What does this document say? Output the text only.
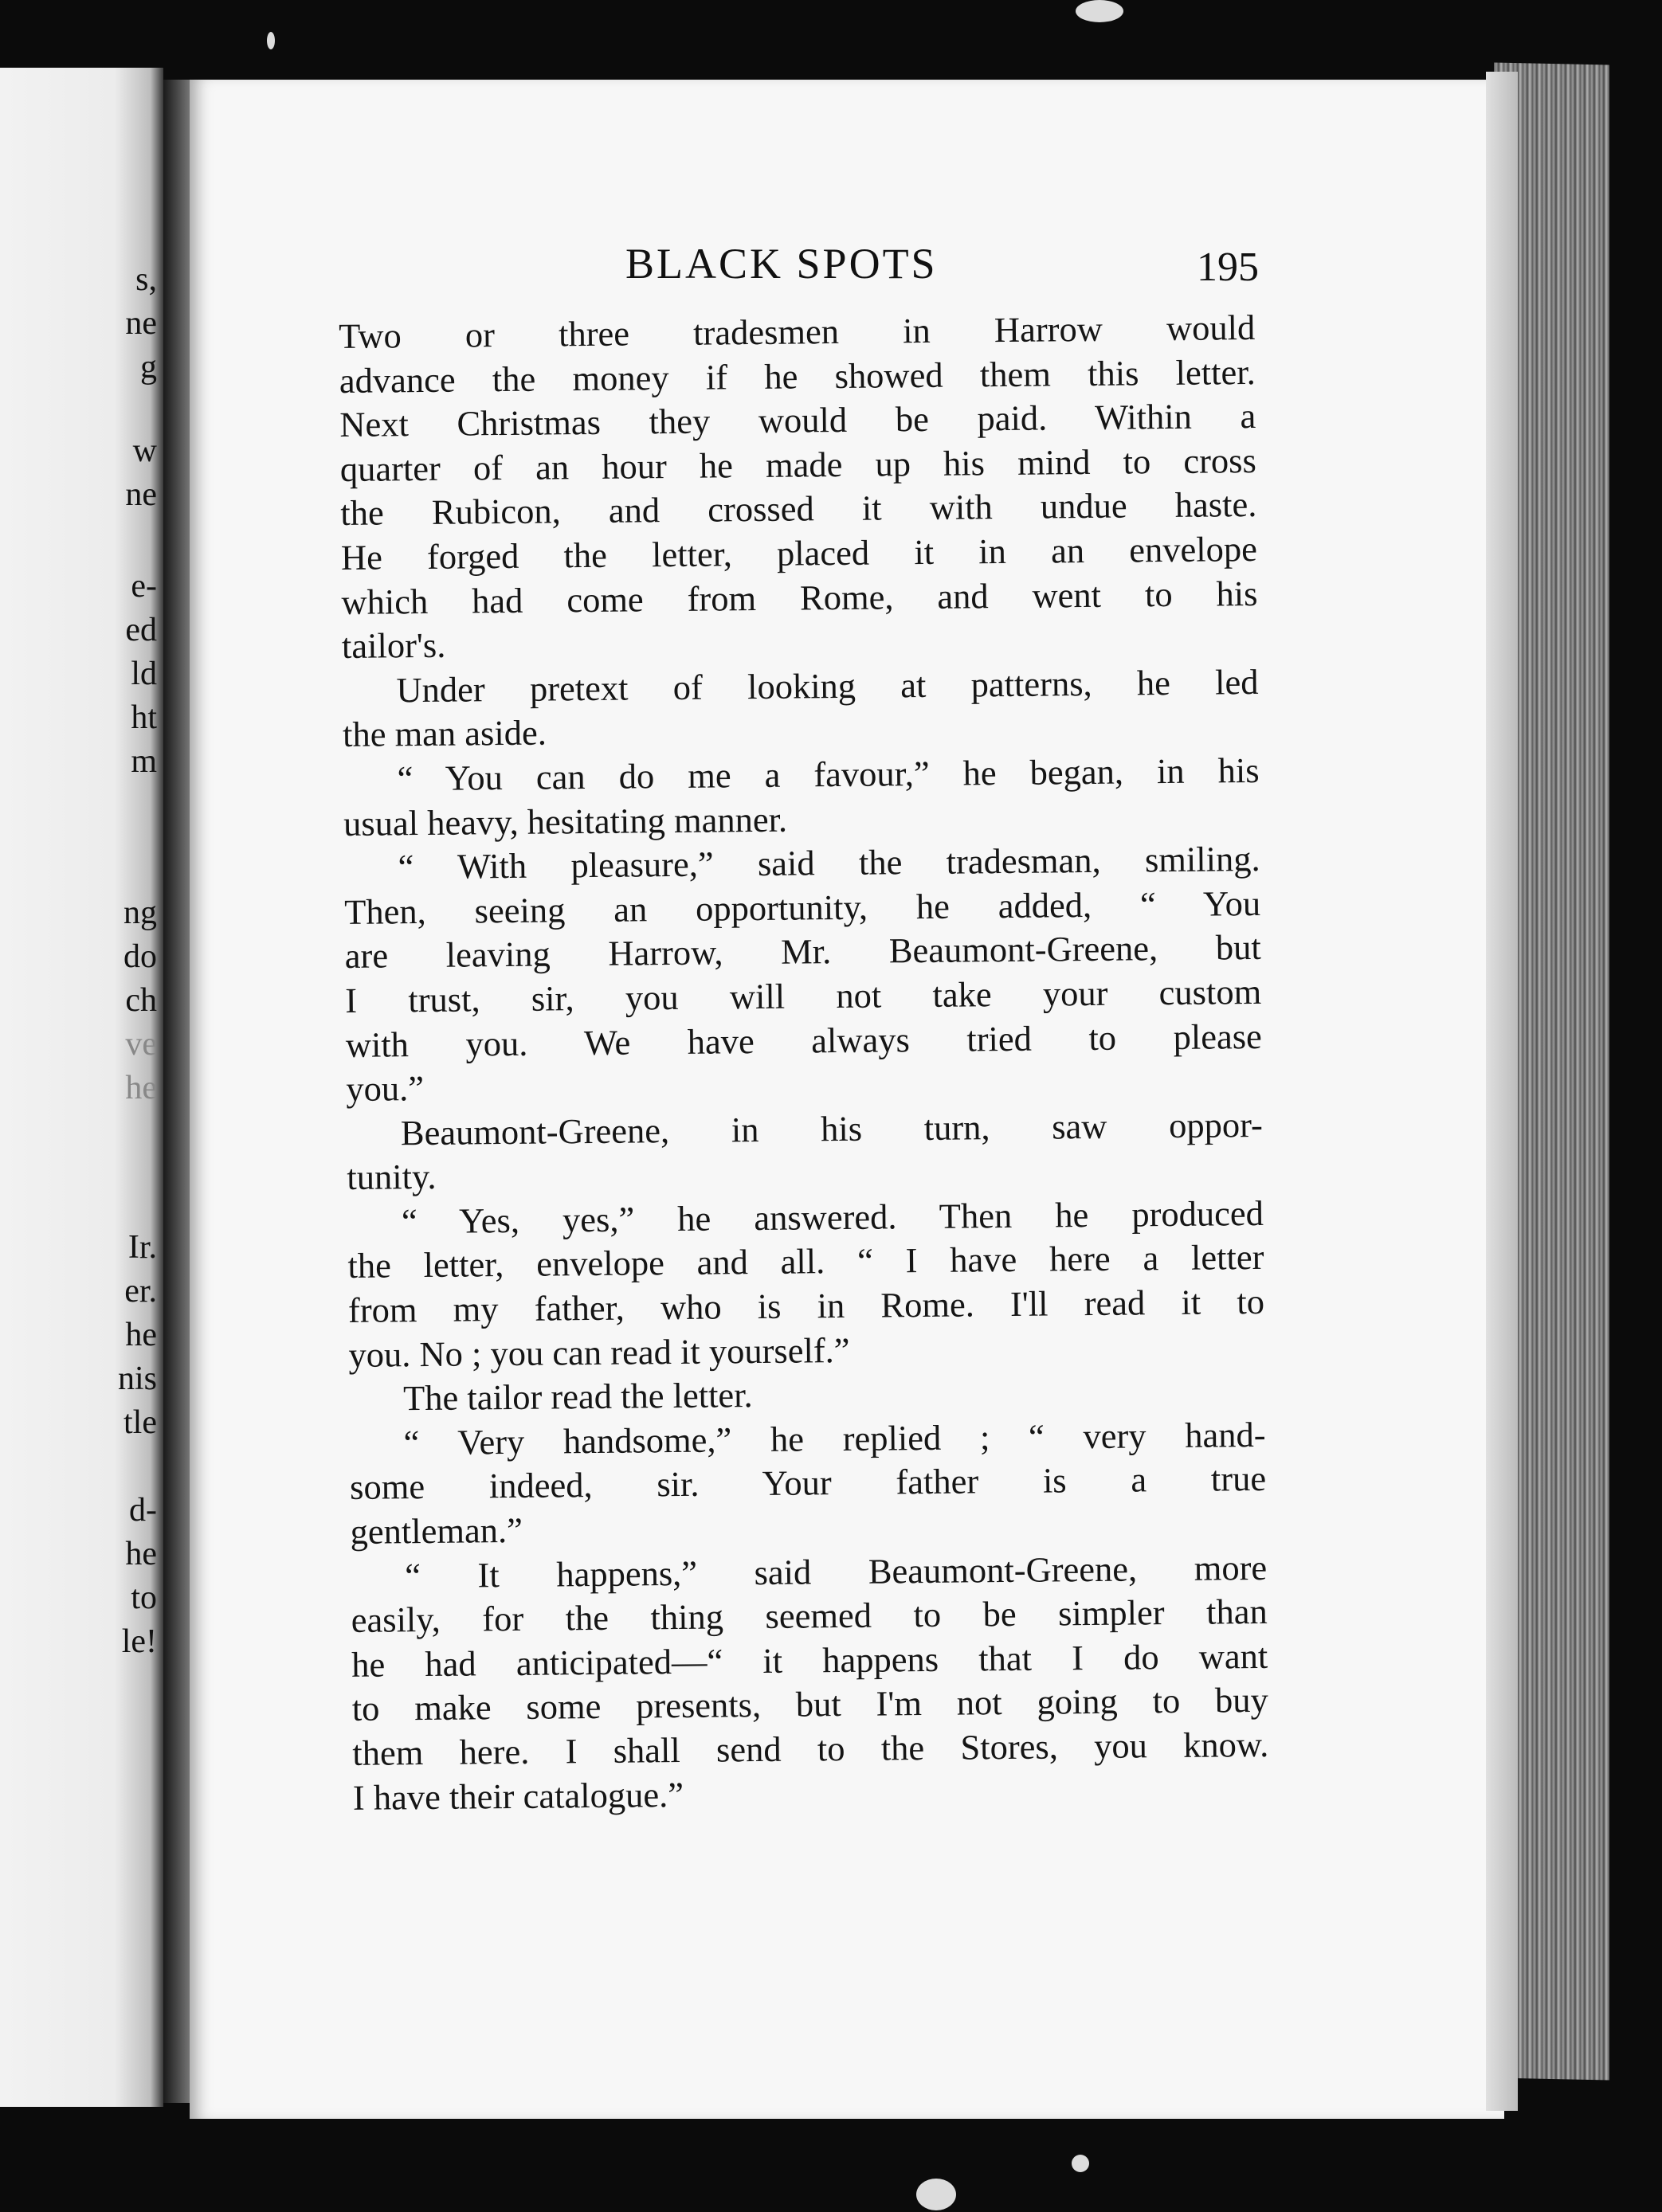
s,
ne
g
w
ne
e-
ed
ld
ht
m
ng
do
ch
ve
he
Ir.
er.
he
nis
tle
d-
he
to
le!
BLACK SPOTS	195
Two or three tradesmen in Harrow would
advance the money if he showed them this letter.
Next Christmas they would be paid. Within a
quarter of an hour he made up his mind to cross
the Rubicon, and crossed it with undue haste.
He forged the letter, placed it in an envelope
which had come from Rome, and went to his
tailor's.
Under pretext of looking at patterns, he led
the man aside.
“ You can do me a favour,” he began, in his
usual heavy, hesitating manner.
“ With pleasure,” said the tradesman, smiling.
Then, seeing an opportunity, he added, “ You
are leaving Harrow, Mr. Beaumont-Greene, but
I trust, sir, you will not take your custom
with you. We have always tried to please
you.”
Beaumont-Greene, in his turn, saw oppor-
tunity.
“ Yes, yes,” he answered. Then he produced
the letter, envelope and all. “ I have here a letter
from my father, who is in Rome. I'll read it to
you. No ; you can read it yourself.”
The tailor read the letter.
“ Very handsome,” he replied ; “ very hand-
some indeed, sir. Your father is a true
gentleman.”
“ It happens,” said Beaumont-Greene, more
easily, for the thing seemed to be simpler than
he had anticipated—“ it happens that I do want
to make some presents, but I'm not going to buy
them here. I shall send to the Stores, you know.
I have their catalogue.”
